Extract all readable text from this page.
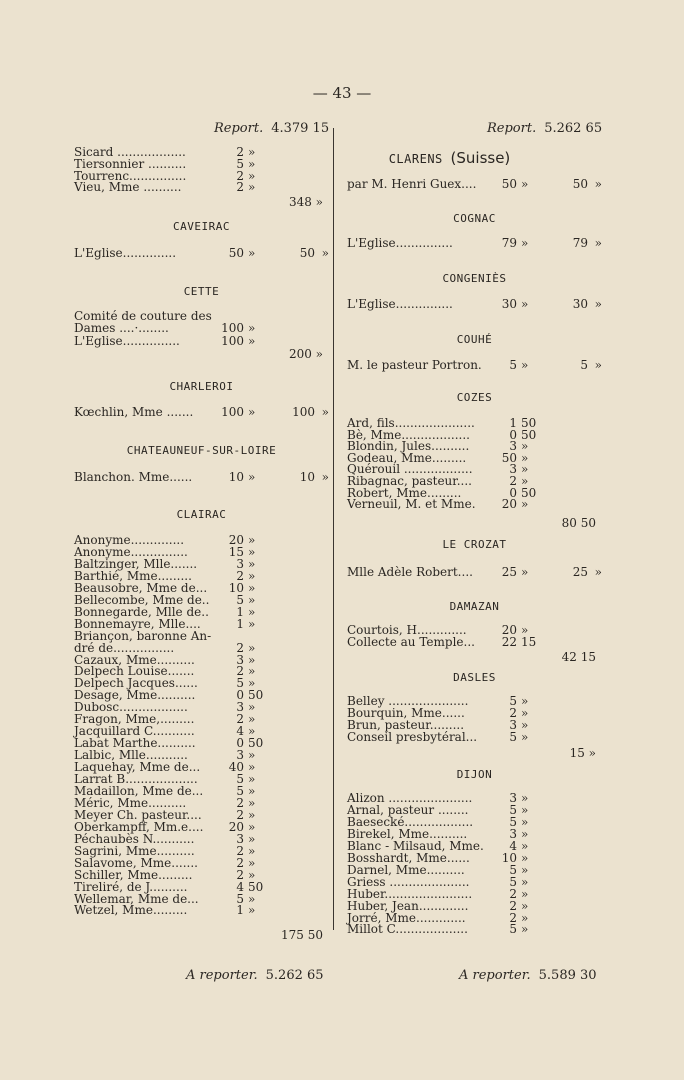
— 43 —
Report. 4.379 15
Sicard ..................	2 »
Tiersonnier ..........	5 »
Tourrenc...............	2 »
Vieu, Mme ..........	2 »
348 »
CAVEIRAC
L'Eglise..............	50 »	50 »
CETTE
Comité de couture des
Dames ....·........	100 »
L'Eglise...............	100 »
200 »
CHARLEROI
Kœchlin, Mme ....... 100 »	100 »
CHATEAUNEUF-SUR-LOIRE
Blanchon. Mme......	10 »	10 »
CLAIRAC
Anonyme..............	20 »
Anonyme...............	15 »
Baltzinger, Mlle.......	3 »
Barthié, Mme.........	2 »
Beausobre, Mme de... 10 »
Bellecombe, Mme de.. 5 »
Bonnegarde, Mlle de.. 1 »
Bonnemayre, Mlle....	1 »
Briançon, baronne An-
dré de................	2 »
Cazaux, Mme..........	3 »
Delpech Louise.......	2 »
Delpech Jacques......	5 »
Desage, Mme..........	0 50
Dubosc..................	3 »
Fragon, Mme,.........	2 »
Jacquillard C...........	4 »
Labat Marthe..........	0 50
Lalbic, Mlle...........	3 »
Laquehay, Mme de... 40 »
Larrat B...................	5 »
Madaillon, Mme de...	5 »
Méric, Mme..........	2 »
Meyer Ch. pasteur....	2 »
Oberkampff, Mm.e.... 20 »
Péchaubès N...........	3 »
Sagrini, Mme..........	2 »
Salavome, Mme.......	2 »
Schiller, Mme.........	2 »
Tireliré, de J..........	4 50
Wellemar, Mme de...	5 »
Wetzel, Mme.........	1 »
175 50
A reporter. 5.262 65
Report. 5.262 65
CLARENS (Suisse)
par M. Henri Guex.... 50 »	50 »
COGNAC
L'Eglise...............	79 »	79 »
CONGENIÈS
L'Eglise...............	30 »	30 »
COUHÉ
M. le pasteur Portron. 5 »	5 »
COZES
Ard, fils.....................	1 50
Bè, Mme..................	0 50
Blondin, Jules..........	3 »
Godeau, Mme.........	50 »
Quérouil ..................	3 »
Ribagnac, pasteur....	2 »
Robert, Mme.........	0 50
Verneuil, M. et Mme. 20 »
80 50
LE CROZAT
Mlle Adèle Robert.... 25 »	25 »
DAMAZAN
Courtois, H.............	20 »
Collecte au Temple... 22 15
42 15
DASLES
Belley .....................	5 »
Bourquin, Mme......	2 »
Brun, pasteur.........	3 »
Conseil presbytéral...	5 »
15 »
DIJON
Alizon ......................	3 »
Arnal, pasteur ........	5 »
Baesecké..................	5 »
Birekel, Mme..........	3 »
Blanc - Milsaud, Mme. 4 »
Bosshardt, Mme......	10 »
Darnel, Mme..........	5 »
Griess .....................	5 »
Huber.......................	2 »
Huber, Jean.............	2 »
Jorré, Mme.............	2 »
Millot C...................	5 »
A reporter. 5.589 30
